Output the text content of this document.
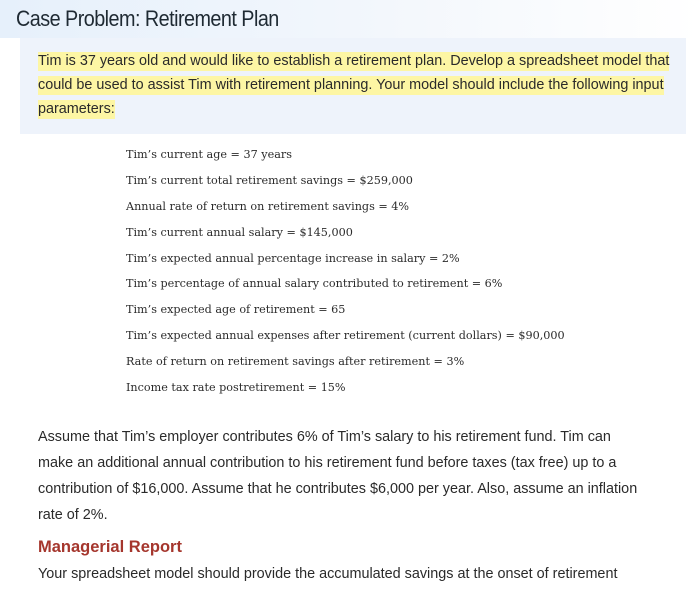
Case Problem: Retirement Plan
Tim is 37 years old and would like to establish a retirement plan. Develop a spreadsheet model that could be used to assist Tim with retirement planning. Your model should include the following input parameters:
Tim’s current age = 37 years
Tim’s current total retirement savings = $259,000
Annual rate of return on retirement savings = 4%
Tim’s current annual salary = $145,000
Tim’s expected annual percentage increase in salary = 2%
Tim’s percentage of annual salary contributed to retirement = 6%
Tim’s expected age of retirement = 65
Tim’s expected annual expenses after retirement (current dollars) = $90,000
Rate of return on retirement savings after retirement = 3%
Income tax rate postretirement = 15%
Assume that Tim’s employer contributes 6% of Tim’s salary to his retirement fund. Tim can make an additional annual contribution to his retirement fund before taxes (tax free) up to a contribution of $16,000. Assume that he contributes $6,000 per year. Also, assume an inflation rate of 2%.
Managerial Report
Your spreadsheet model should provide the accumulated savings at the onset of retirement
